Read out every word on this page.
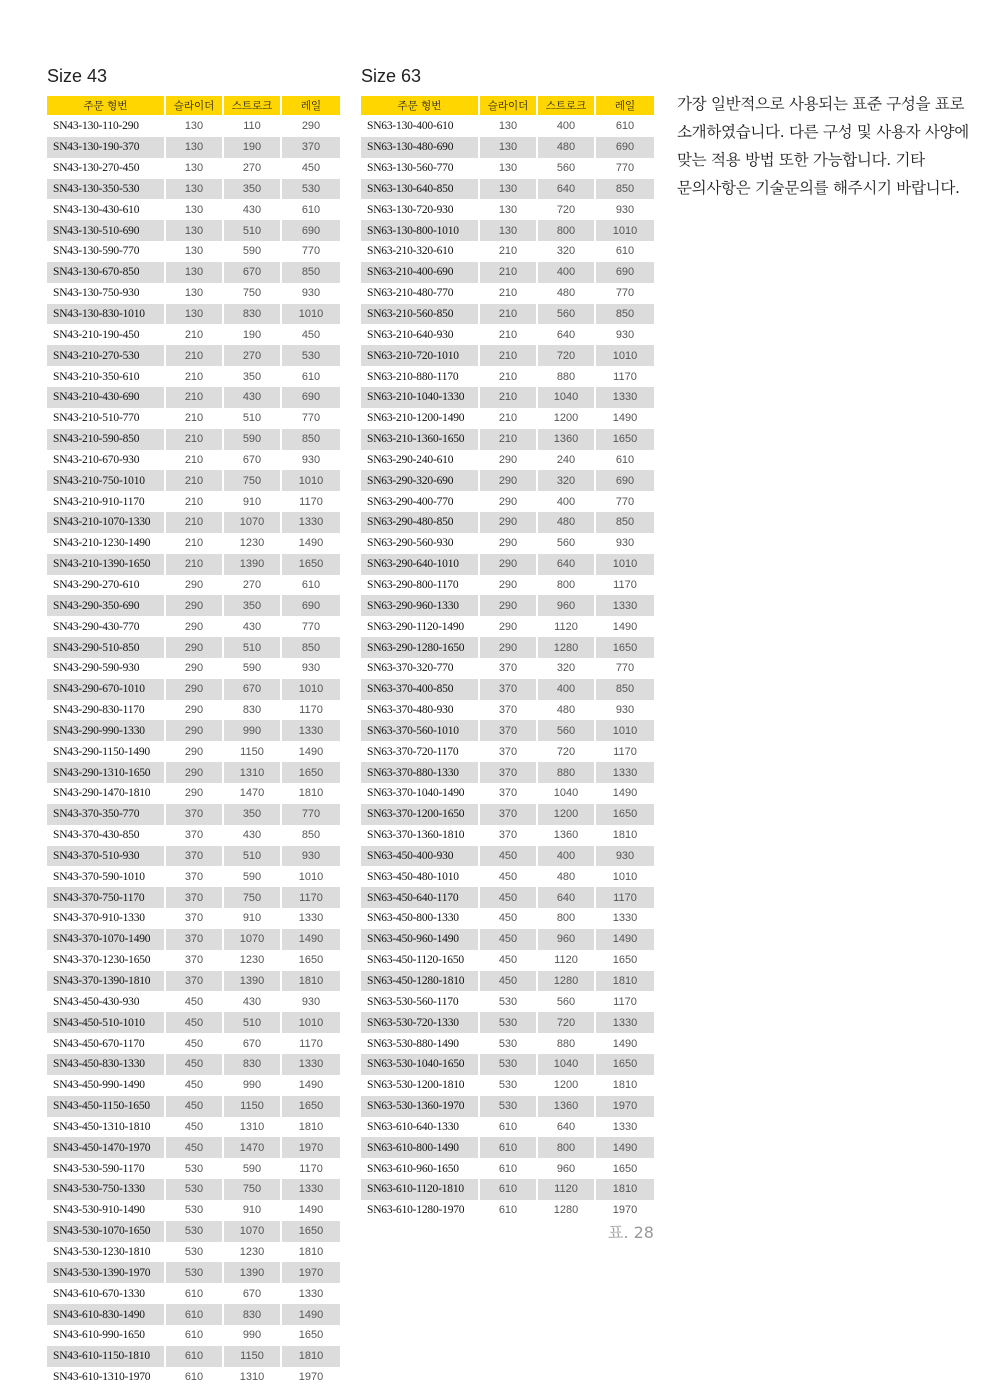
Size 43
주문 형번	슬라이더	스트로크	레일
SN43-130-110-290	130	110	290
SN43-130-190-370	130	190	370
SN43-130-270-450	130	270	450
SN43-130-350-530	130	350	530
SN43-130-430-610	130	430	610
SN43-130-510-690	130	510	690
SN43-130-590-770	130	590	770
SN43-130-670-850	130	670	850
SN43-130-750-930	130	750	930
SN43-130-830-1010	130	830	1010
SN43-210-190-450	210	190	450
SN43-210-270-530	210	270	530
SN43-210-350-610	210	350	610
SN43-210-430-690	210	430	690
SN43-210-510-770	210	510	770
SN43-210-590-850	210	590	850
SN43-210-670-930	210	670	930
SN43-210-750-1010	210	750	1010
SN43-210-910-1170	210	910	1170
SN43-210-1070-1330	210	1070	1330
SN43-210-1230-1490	210	1230	1490
SN43-210-1390-1650	210	1390	1650
SN43-290-270-610	290	270	610
SN43-290-350-690	290	350	690
SN43-290-430-770	290	430	770
SN43-290-510-850	290	510	850
SN43-290-590-930	290	590	930
SN43-290-670-1010	290	670	1010
SN43-290-830-1170	290	830	1170
SN43-290-990-1330	290	990	1330
SN43-290-1150-1490	290	1150	1490
SN43-290-1310-1650	290	1310	1650
SN43-290-1470-1810	290	1470	1810
SN43-370-350-770	370	350	770
SN43-370-430-850	370	430	850
SN43-370-510-930	370	510	930
SN43-370-590-1010	370	590	1010
SN43-370-750-1170	370	750	1170
SN43-370-910-1330	370	910	1330
SN43-370-1070-1490	370	1070	1490
SN43-370-1230-1650	370	1230	1650
SN43-370-1390-1810	370	1390	1810
SN43-450-430-930	450	430	930
SN43-450-510-1010	450	510	1010
SN43-450-670-1170	450	670	1170
SN43-450-830-1330	450	830	1330
SN43-450-990-1490	450	990	1490
SN43-450-1150-1650	450	1150	1650
SN43-450-1310-1810	450	1310	1810
SN43-450-1470-1970	450	1470	1970
SN43-530-590-1170	530	590	1170
SN43-530-750-1330	530	750	1330
SN43-530-910-1490	530	910	1490
SN43-530-1070-1650	530	1070	1650
SN43-530-1230-1810	530	1230	1810
SN43-530-1390-1970	530	1390	1970
SN43-610-670-1330	610	670	1330
SN43-610-830-1490	610	830	1490
SN43-610-990-1650	610	990	1650
SN43-610-1150-1810	610	1150	1810
SN43-610-1310-1970	610	1310	1970
Size 63
주문 형번	슬라이더	스트로크	레일
SN63-130-400-610	130	400	610
SN63-130-480-690	130	480	690
SN63-130-560-770	130	560	770
SN63-130-640-850	130	640	850
SN63-130-720-930	130	720	930
SN63-130-800-1010	130	800	1010
SN63-210-320-610	210	320	610
SN63-210-400-690	210	400	690
SN63-210-480-770	210	480	770
SN63-210-560-850	210	560	850
SN63-210-640-930	210	640	930
SN63-210-720-1010	210	720	1010
SN63-210-880-1170	210	880	1170
SN63-210-1040-1330	210	1040	1330
SN63-210-1200-1490	210	1200	1490
SN63-210-1360-1650	210	1360	1650
SN63-290-240-610	290	240	610
SN63-290-320-690	290	320	690
SN63-290-400-770	290	400	770
SN63-290-480-850	290	480	850
SN63-290-560-930	290	560	930
SN63-290-640-1010	290	640	1010
SN63-290-800-1170	290	800	1170
SN63-290-960-1330	290	960	1330
SN63-290-1120-1490	290	1120	1490
SN63-290-1280-1650	290	1280	1650
SN63-370-320-770	370	320	770
SN63-370-400-850	370	400	850
SN63-370-480-930	370	480	930
SN63-370-560-1010	370	560	1010
SN63-370-720-1170	370	720	1170
SN63-370-880-1330	370	880	1330
SN63-370-1040-1490	370	1040	1490
SN63-370-1200-1650	370	1200	1650
SN63-370-1360-1810	370	1360	1810
SN63-450-400-930	450	400	930
SN63-450-480-1010	450	480	1010
SN63-450-640-1170	450	640	1170
SN63-450-800-1330	450	800	1330
SN63-450-960-1490	450	960	1490
SN63-450-1120-1650	450	1120	1650
SN63-450-1280-1810	450	1280	1810
SN63-530-560-1170	530	560	1170
SN63-530-720-1330	530	720	1330
SN63-530-880-1490	530	880	1490
SN63-530-1040-1650	530	1040	1650
SN63-530-1200-1810	530	1200	1810
SN63-530-1360-1970	530	1360	1970
SN63-610-640-1330	610	640	1330
SN63-610-800-1490	610	800	1490
SN63-610-960-1650	610	960	1650
SN63-610-1120-1810	610	1120	1810
SN63-610-1280-1970	610	1280	1970
표. 28

가장 일반적으로 사용되는 표준 구성을 표로 소개하였습니다. 다른 구성 및 사용자 사양에 맞는 적용 방법 또한 가능합니다. 기타 문의사항은 기술문의를 해주시기 바랍니다.
